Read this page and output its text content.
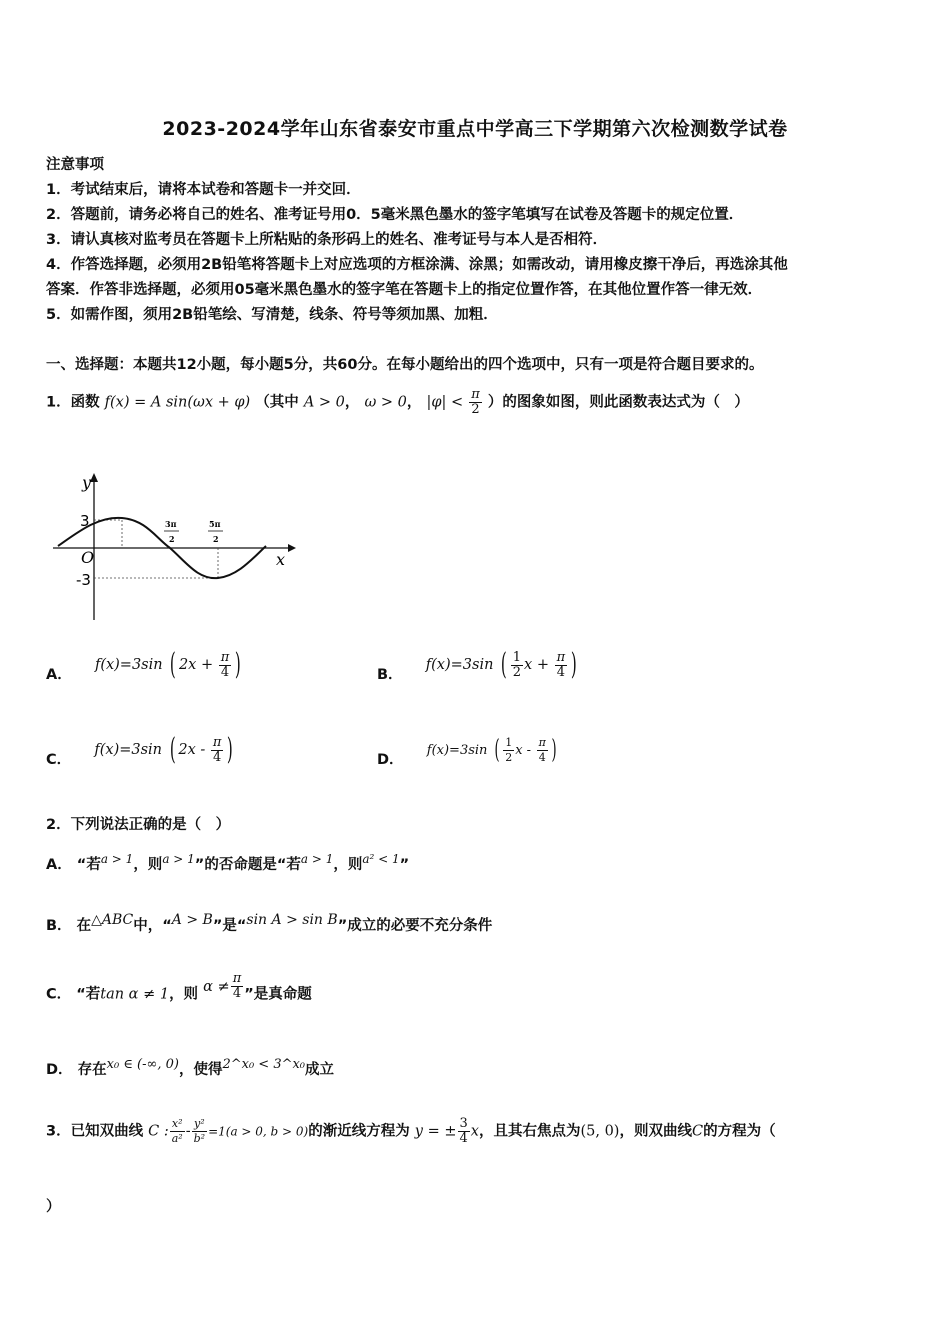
2023-2024学年山东省泰安市重点中学高三下学期第六次检测数学试卷
注意事项
1．考试结束后，请将本试卷和答题卡一并交回．
2．答题前，请务必将自己的姓名、准考证号用0．5毫米黑色墨水的签字笔填写在试卷及答题卡的规定位置．
3．请认真核对监考员在答题卡上所粘贴的条形码上的姓名、准考证号与本人是否相符．
4．作答选择题，必须用2B铅笔将答题卡上对应选项的方框涂满、涂黑；如需改动，请用橡皮擦干净后，再选涂其他
答案．作答非选择题，必须用05毫米黑色墨水的签字笔在答题卡上的指定位置作答，在其他位置作答一律无效．
5．如需作图，须用2B铅笔绘、写清楚，线条、符号等须加黑、加粗．
一、选择题：本题共12小题，每小题5分，共60分。在每小题给出的四个选项中，只有一项是符合题目要求的。
1．函数 f(x) = A sin(ωx + φ) （其中 A > 0， ω > 0， $|\varphi| < \frac{\pi}{2}$ ）的图象如图，则此函数表达式为（　）
y
x
O
3
-3
3π
2
5π
2
A．  f(x)=3sin ( $2x + \frac{\pi}{4}$ )	B．  f(x)=3sin ( $\frac{1}{2}$ $x + \frac{\pi}{4}$ )
C．  f(x)=3sin ( $2x - \frac{\pi}{4}$ )	D．  f(x)=3sin ( $\frac{1}{2}$ x - $\frac{\pi}{4}$ )
2．下列说法正确的是（　）
A． “若$^{a > 1}$，则$^{a > 1}$”的否命题是“若$^{a > 1}$，则$^{a^2 < 1}$”
B． 在$^{\triangle ABC}$中，“$^{A > B}$”是“$^{sin A > sin B}$”成立的必要不充分条件
C． “若tan α ≠ 1，则 $\alpha \ne \frac{\pi}{4}$ ”是真命题
D． 存在$^{x_0 \in (-\infty, 0)}$，使得$^{2\^{}x_0 < 3\^{}x_0}$成立
3．已知双曲线 C : $\frac{\text{x²}}{\text{a²}} - \frac{\text{y²}}{\text{b²}} =1(a > 0$, b > 0)的渐近线方程为 y = ± $\frac{3}{4}$ x，且其右焦点为(5, 0)，则双曲线C的方程为（
）
